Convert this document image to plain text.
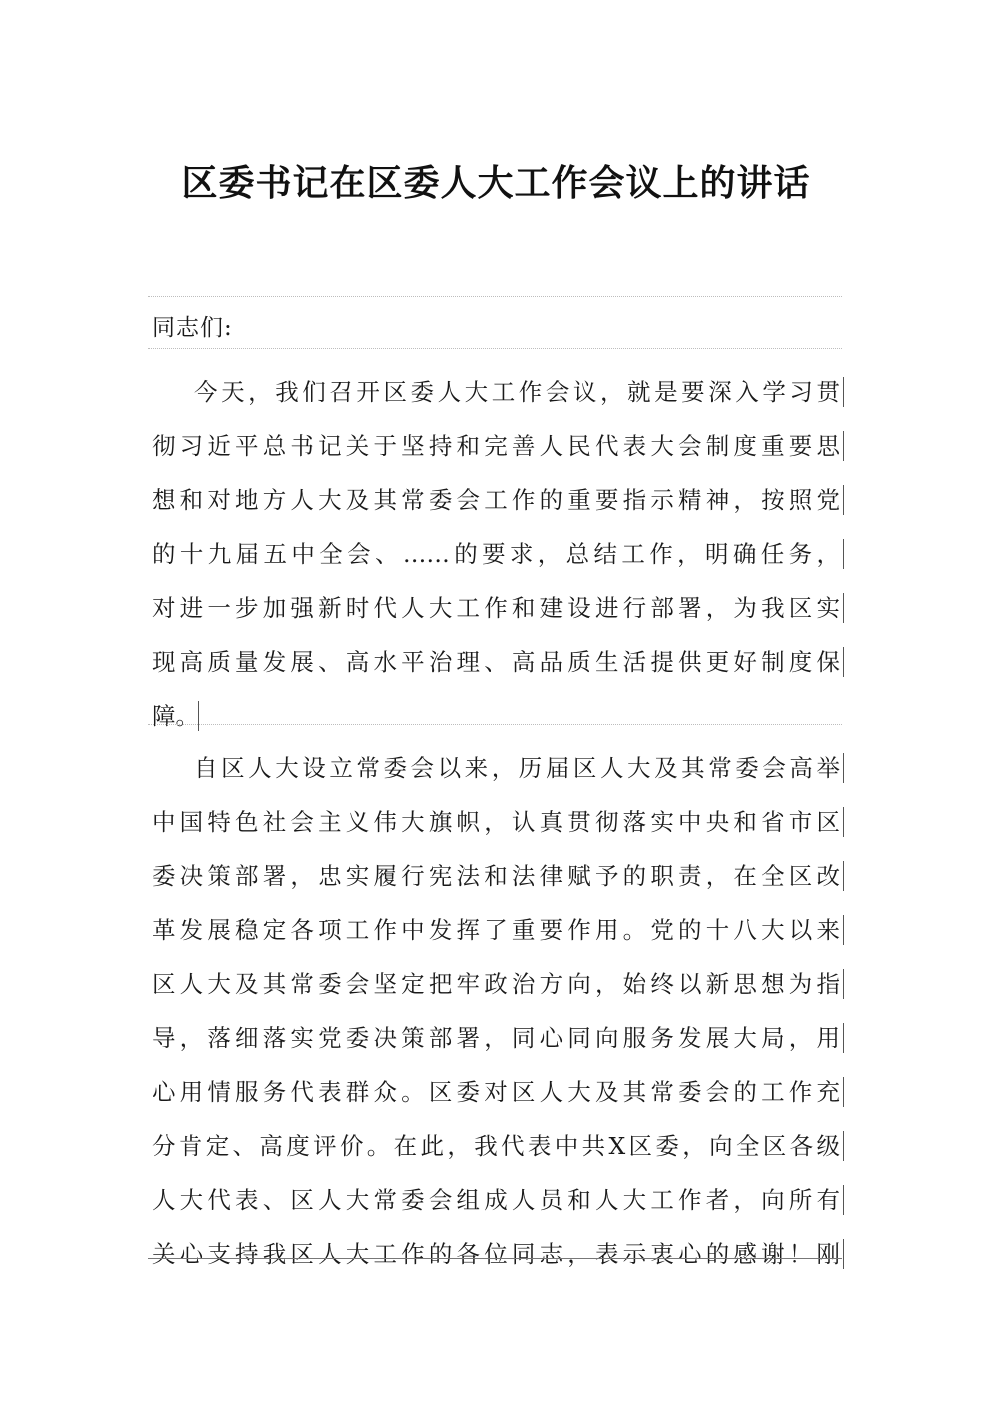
区委书记在区委人大工作会议上的讲话
同志们:
今天，我们召开区委人大工作会议，就是要深入学习贯
彻习近平总书记关于坚持和完善人民代表大会制度重要思
想和对地方人大及其常委会工作的重要指示精神，按照党
的十九届五中全会、……的要求，总结工作，明确任务，
对进一步加强新时代人大工作和建设进行部署，为我区实
现高质量发展、高水平治理、高品质生活提供更好制度保
障。
自区人大设立常委会以来，历届区人大及其常委会高举
中国特色社会主义伟大旗帜，认真贯彻落实中央和省市区
委决策部署，忠实履行宪法和法律赋予的职责，在全区改
革发展稳定各项工作中发挥了重要作用。党的十八大以来
区人大及其常委会坚定把牢政治方向，始终以新思想为指
导，落细落实党委决策部署，同心同向服务发展大局，用
心用情服务代表群众。区委对区人大及其常委会的工作充
分肯定、高度评价。在此，我代表中共X区委，向全区各级
人大代表、区人大常委会组成人员和人大工作者，向所有
关心支持我区人大工作的各位同志，表示衷心的感谢！刚
